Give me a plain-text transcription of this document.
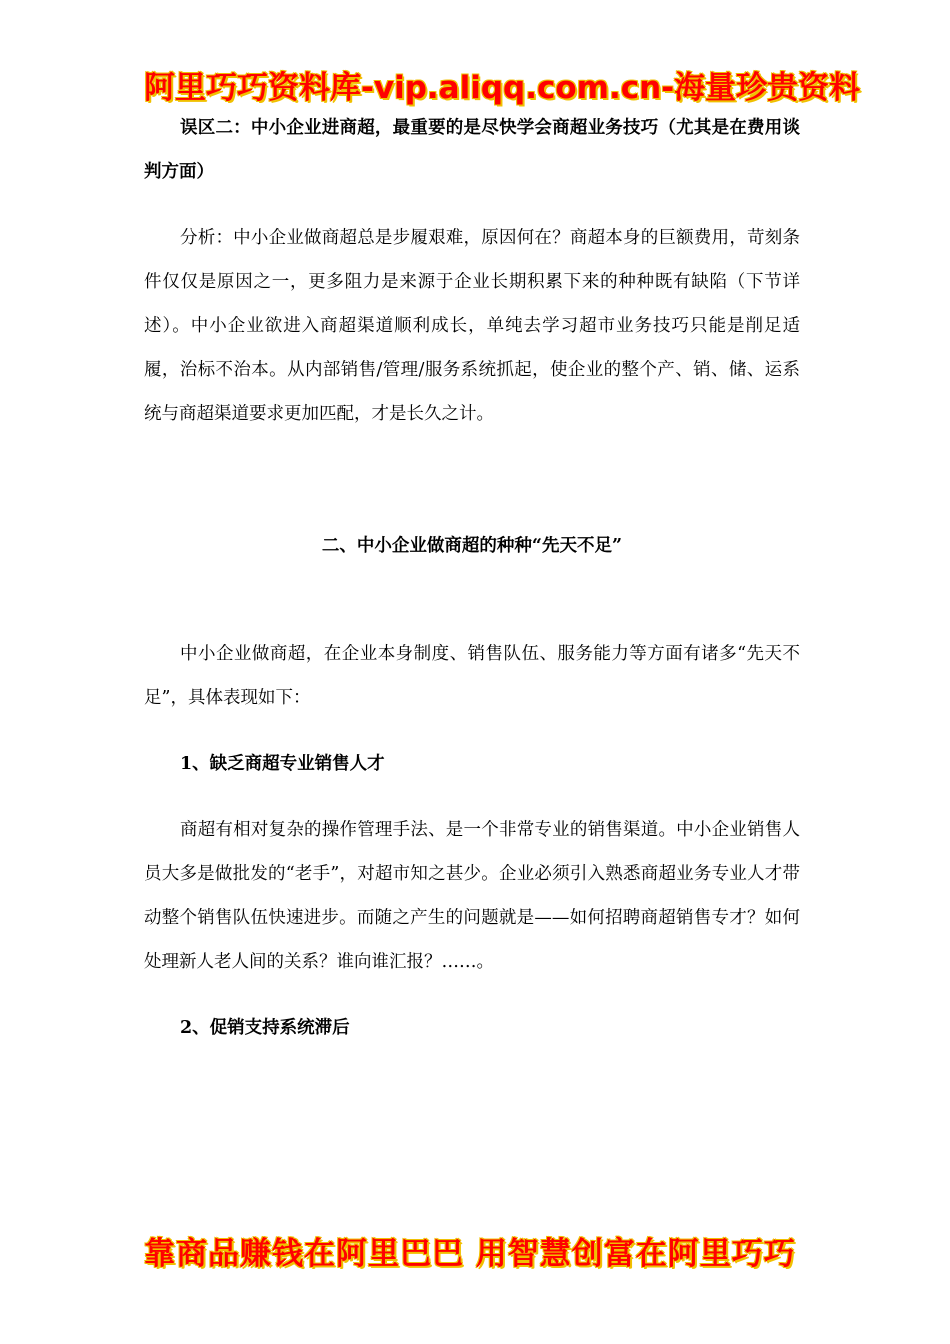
阿里巧巧资料库-vip.aliqq.com.cn-海量珍贵资料
误区二：中小企业进商超，最重要的是尽快学会商超业务技巧（尤其是在费用谈判方面）
分析：中小企业做商超总是步履艰难，原因何在？商超本身的巨额费用，苛刻条件仅仅是原因之一，更多阻力是来源于企业长期积累下来的种种既有缺陷（下节详述）。中小企业欲进入商超渠道顺利成长，单纯去学习超市业务技巧只能是削足适履，治标不治本。从内部销售/管理/服务系统抓起，使企业的整个产、销、储、运系统与商超渠道要求更加匹配，才是长久之计。
二、中小企业做商超的种种“先天不足”
中小企业做商超，在企业本身制度、销售队伍、服务能力等方面有诸多“先天不足”，具体表现如下：
1、缺乏商超专业销售人才
商超有相对复杂的操作管理手法、是一个非常专业的销售渠道。中小企业销售人员大多是做批发的“老手”，对超市知之甚少。企业必须引入熟悉商超业务专业人才带动整个销售队伍快速进步。而随之产生的问题就是——如何招聘商超销售专才？如何处理新人老人间的关系？谁向谁汇报？……。
2、促销支持系统滞后
靠商品赚钱在阿里巴巴 用智慧创富在阿里巧巧
